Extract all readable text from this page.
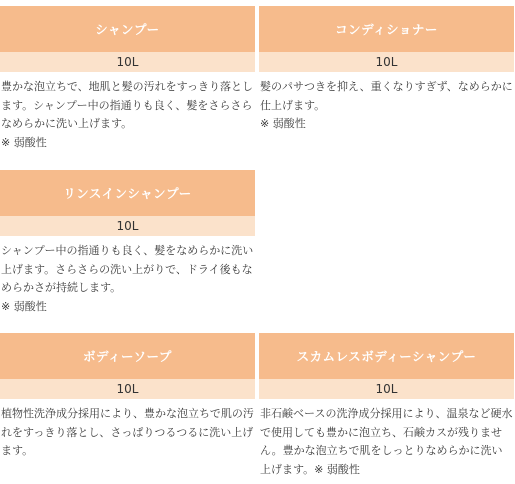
シャンプー
10L

豊かな泡立ちで、地肌と髪の汚れをすっきり落とします。シャンプー中の指通りも良く、髪をさらさらなめらかに洗い上げます。

※ 弱酸性
コンディショナー
10L

髪のパサつきを抑え、重くなりすぎず、なめらかに仕上げます。

※ 弱酸性
リンスインシャンプー
10L

シャンプー中の指通りも良く、髪をなめらかに洗い上げます。さらさらの洗い上がりで、ドライ後もなめらかさが持続します。

※ 弱酸性
ボディーソープ
10L

植物性洗浄成分採用により、豊かな泡立ちで肌の汚れをすっきり落とし、さっぱりつるつるに洗い上げます。

スカムレスボディーシャンプー
10L

非石鹸ベースの洗浄成分採用により、温泉など硬水で使用しても豊かに泡立ち、石鹸カスが残りません。豊かな泡立ちで肌をしっとりなめらかに洗い上げます。※ 弱酸性
